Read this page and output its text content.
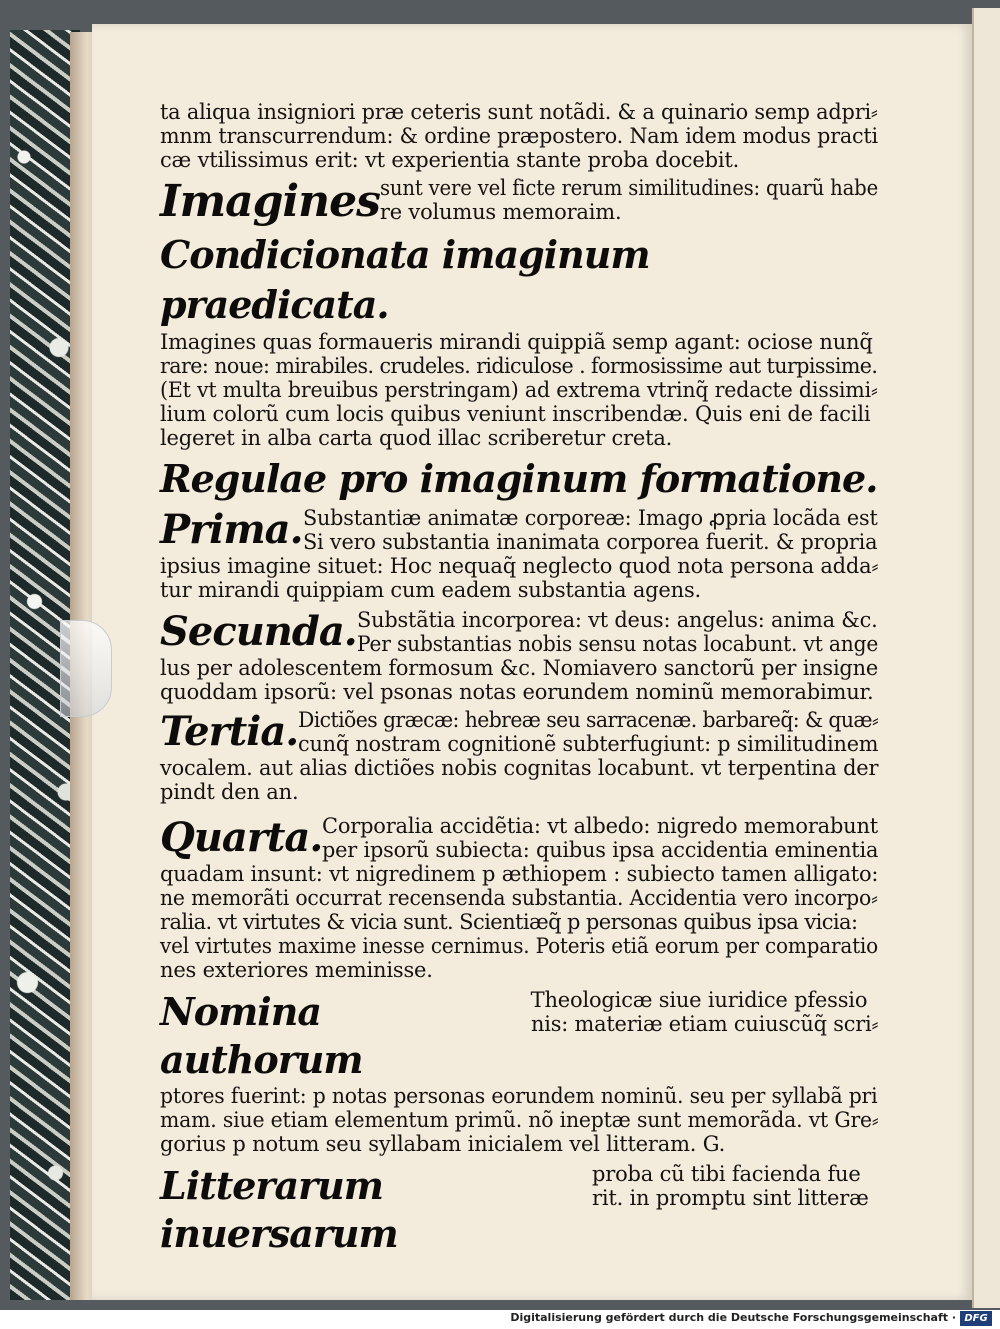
ta aliqua insigniori præ ceteris sunt notãdi. & a quinario semp adpri⸗
mnm transcurrendum: & ordine præpostero. Nam idem modus practi
cæ vtilissimus erit: vt experientia stante proba docebit.
Imagines sunt vere vel ficte rerum similitudines: quarũ habe
re volumus memoraim.
Condicionata imaginum praedicata.
Imagines quas formaueris mirandi quippiã semp agant: ociose nunq̃
rare: noue: mirabiles. crudeles. ridiculose . formosissime aut turpissime.
(Et vt multa breuibus perstringam) ad extrema vtrinq̃ redacte dissimi⸗
lium colorũ cum locis quibus veniunt inscribendæ. Quis eni de facili
legeret in alba carta quod illac scriberetur creta.
Regulae pro imaginum formatione.
Prima. Substantiæ animatæ corporeæ: Imago ꝓpria locãda est
Si vero substantia inanimata corporea fuerit. & propria
ipsius imagine situet: Hoc nequaq̃ neglecto quod nota persona adda⸗
tur mirandi quippiam cum eadem substantia agens.
Secunda. Substãtia incorporea: vt deus: angelus: anima &c.
Per substantias nobis sensu notas locabunt. vt ange
lus per adolescentem formosum &c. Nomiavero sanctorũ per insigne
quoddam ipsorũ: vel psonas notas eorundem nominũ memorabimur.
Tertia. Dictiões græcæ: hebreæ seu sarracenæ. barbareq̃: & quæ⸗
cunq̃ nostram cognitionẽ subterfugiunt: p similitudinem
vocalem. aut alias dictiões nobis cognitas locabunt. vt terpentina der
pindt den an.
Quarta. Corporalia accidẽtia: vt albedo: nigredo memorabunt
per ipsorũ subiecta: quibus ipsa accidentia eminentia
quadam insunt: vt nigredinem p æthiopem : subiecto tamen alligato:
ne memorãti occurrat recensenda substantia. Accidentia vero incorpo⸗
ralia. vt virtutes & vicia sunt. Scientiæq̃ p personas quibus ipsa vicia:
vel virtutes maxime inesse cernimus. Poteris etiã eorum per comparatio
nes exteriores meminisse.
Nomina authorum
Theologicæ siue iuridice pfessio
nis: materiæ etiam cuiuscũq̃ scri⸗
ptores fuerint: p notas personas eorundem nominũ. seu per syllabã pri
mam. siue etiam elementum primũ. nõ ineptæ sunt memorãda. vt Gre⸗
gorius p notum seu syllabam inicialem vel litteram. G.
Litterarum inuersarum
proba cũ tibi facienda fue
rit. in promptu sint litteræ
Digitalisierung gefördert durch die Deutsche Forschungsgemeinschaft · DFG
